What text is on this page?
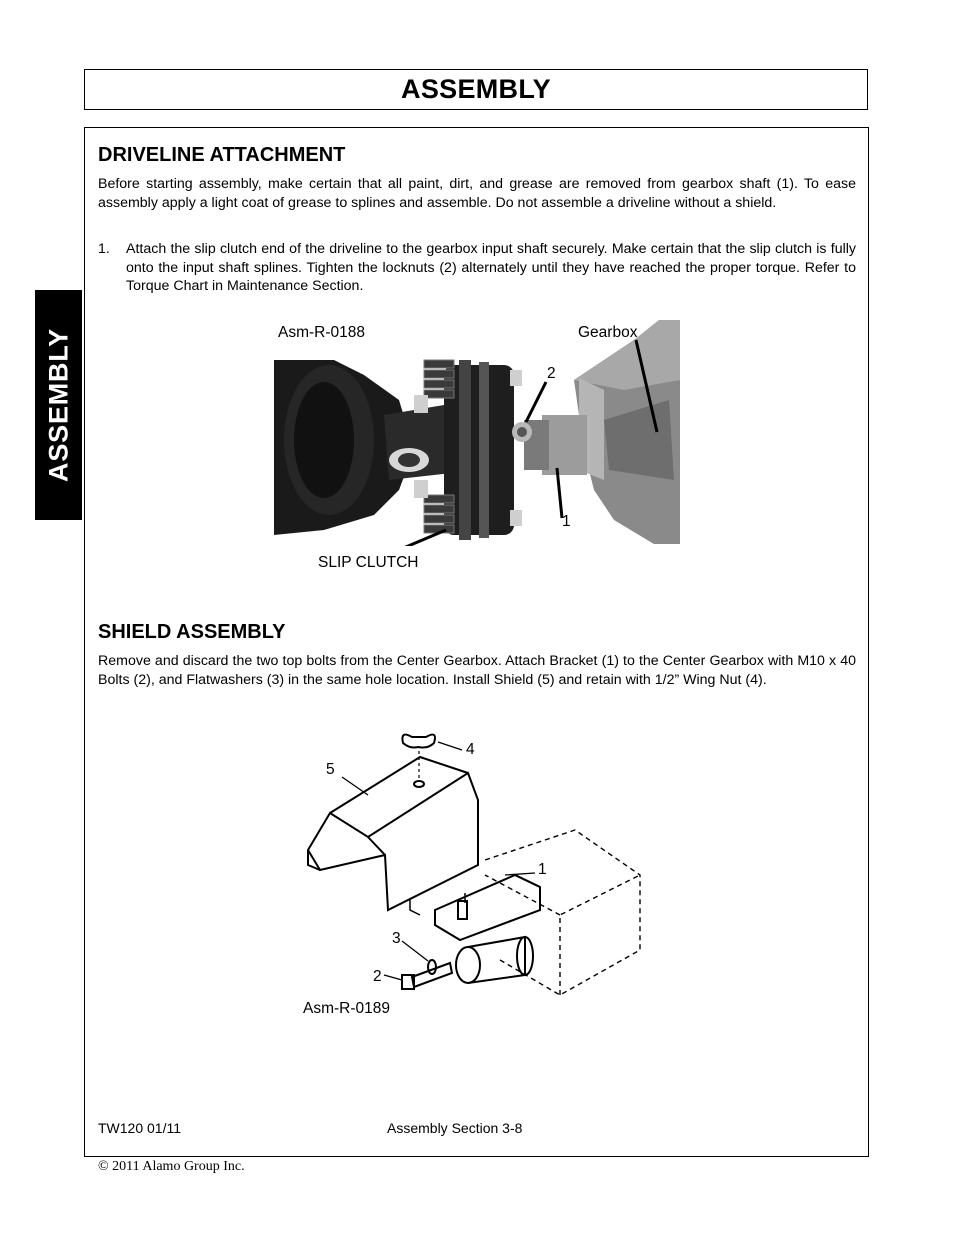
ASSEMBLY
ASSEMBLY
DRIVELINE ATTACHMENT
Before starting assembly, make certain that all paint, dirt, and grease are removed from gearbox shaft (1). To ease assembly apply a light coat of grease to splines and assemble. Do not assemble a driveline without a shield.
1. Attach the slip clutch end of the driveline to the gearbox input shaft securely. Make certain that the slip clutch is fully onto the input shaft splines. Tighten the locknuts (2) alternately until they have reached the proper torque. Refer to Torque Chart in Maintenance Section.
Asm-R-0188	Gearbox
2
1
SLIP CLUTCH
SHIELD ASSEMBLY
Remove and discard the two top bolts from the Center Gearbox. Attach Bracket (1) to the Center Gearbox with M10 x 40 Bolts (2), and Flatwashers (3) in the same hole location. Install Shield (5) and retain with 1/2” Wing Nut (4).
4
5
1
3
2
Asm-R-0189
TW120 01/11	Assembly Section 3-8
© 2011 Alamo Group Inc.
